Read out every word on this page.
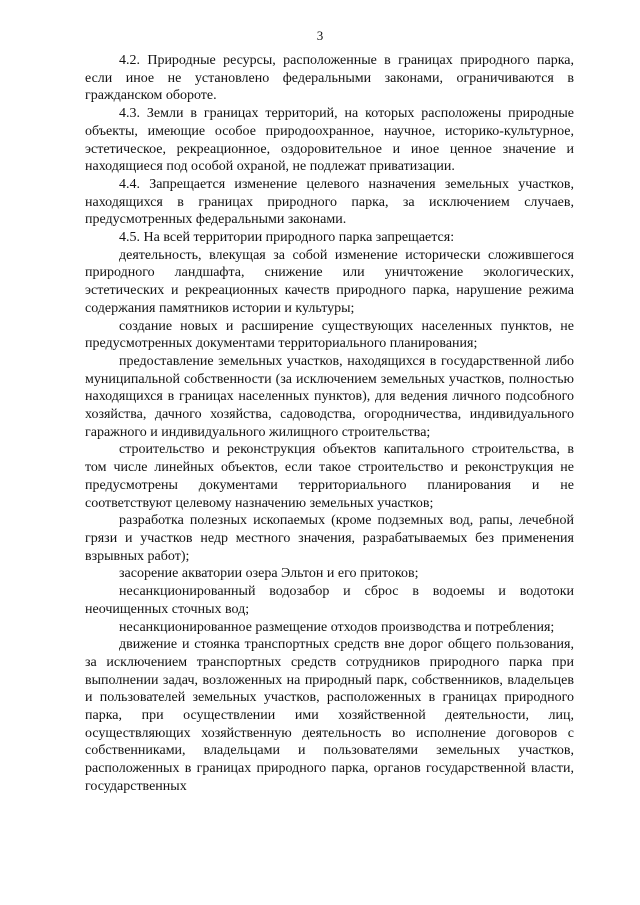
3

4.2. Природные ресурсы, расположенные в границах природного парка, если иное не установлено федеральными законами, ограничиваются в гражданском обороте.

4.3. Земли в границах территорий, на которых расположены природные объекты, имеющие особое природоохранное, научное, историко-культурное, эстетическое, рекреационное, оздоровительное и иное ценное значение и находящиеся под особой охраной, не подлежат приватизации.

4.4. Запрещается изменение целевого назначения земельных участков, находящихся в границах природного парка, за исключением случаев, предусмотренных федеральными законами.

4.5. На всей территории природного парка запрещается:

деятельность, влекущая за собой изменение исторически сложившегося природного ландшафта, снижение или уничтожение экологических, эстетических и рекреационных качеств природного парка, нарушение режима содержания памятников истории и культуры;

создание новых и расширение существующих населенных пунктов, не предусмотренных документами территориального планирования;

предоставление земельных участков, находящихся в государственной либо муниципальной собственности (за исключением земельных участков, полностью находящихся в границах населенных пунктов), для ведения личного подсобного хозяйства, дачного хозяйства, садоводства, огородничества, индивидуального гаражного и индивидуального жилищного строительства;

строительство и реконструкция объектов капитального строительства, в том числе линейных объектов, если такое строительство и реконструкция не предусмотрены документами территориального планирования и не соответствуют целевому назначению земельных участков;

разработка полезных ископаемых (кроме подземных вод, рапы, лечебной грязи и участков недр местного значения, разрабатываемых без применения взрывных работ);

засорение акватории озера Эльтон и его притоков;

несанкционированный водозабор и сброс в водоемы и водотоки неочищенных сточных вод;

несанкционированное размещение отходов производства и потребления;

движение и стоянка транспортных средств вне дорог общего пользования, за исключением транспортных средств сотрудников природного парка при выполнении задач, возложенных на природный парк, собственников, владельцев и пользователей земельных участков, расположенных в границах природного парка, при осуществлении ими хозяйственной деятельности, лиц, осуществляющих хозяйственную деятельность во исполнение договоров с собственниками, владельцами и пользователями земельных участков, расположенных в границах природного парка, органов государственной власти, государственных
